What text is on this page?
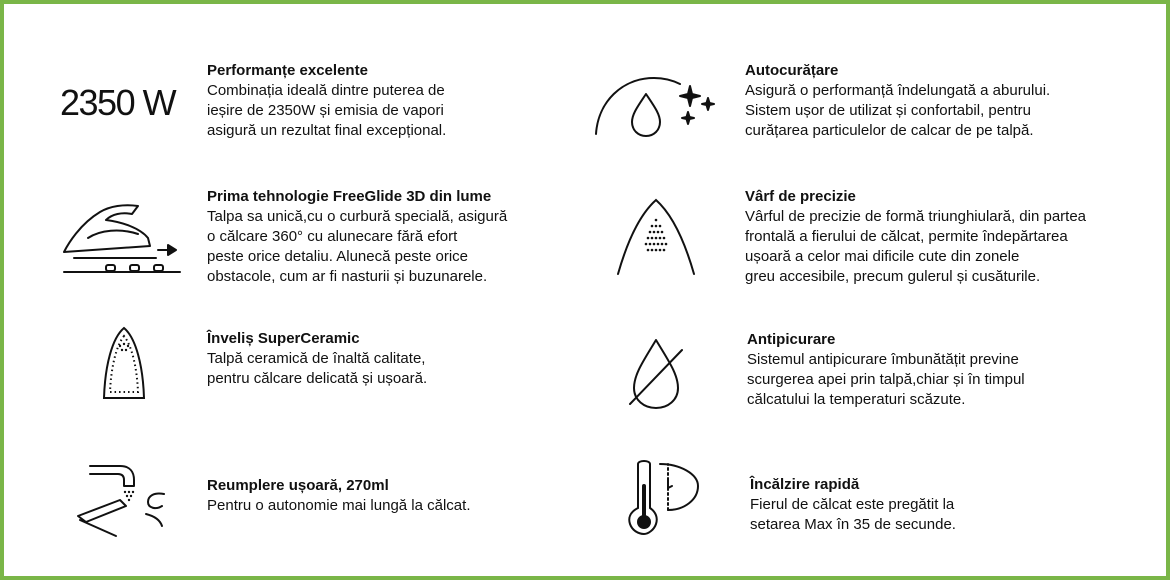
2350 W
Performanțe excelente
Combinația ideală dintre puterea de
ieșire de 2350W și emisia de vapori
asigură un rezultat final excepțional.
Prima tehnologie FreeGlide 3D din lume
Talpa sa unică,cu o curbură specială, asigură
o călcare 360° cu alunecare fără efort
peste orice detaliu. Alunecă peste orice
obstacole, cum ar fi nasturii și buzunarele.
Înveliș SuperCeramic
Talpă ceramică de înaltă calitate,
pentru călcare delicată și ușoară.
Reumplere ușoară, 270ml
Pentru o autonomie mai lungă la călcat.
Autocurățare
Asigură o performanță îndelungată a aburului.
Sistem ușor de utilizat și confortabil, pentru
curățarea particulelor de calcar de pe talpă.
Vârf de precizie
Vârful de precizie de formă triunghiulară, din partea
frontală a fierului de călcat, permite îndepărtarea
ușoară a celor mai dificile cute din zonele
greu accesibile, precum gulerul și cusăturile.
Antipicurare
Sistemul antipicurare îmbunătățit previne
scurgerea apei prin talpă,chiar și în timpul
călcatului la temperaturi scăzute.
Încălzire rapidă
Fierul de călcat este pregătit la
setarea Max în 35 de secunde.
